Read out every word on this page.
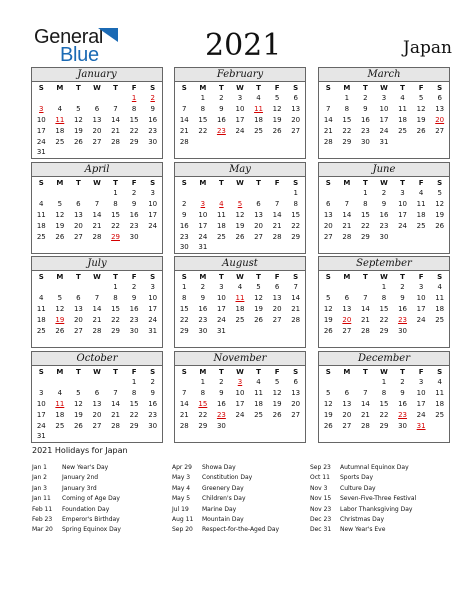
General
Blue	2021	Japan
January
S	M	T	W	T	F	S
					1	2
3	4	5	6	7	8	9
10	11	12	13	14	15	16
17	18	19	20	21	22	23
24	25	26	27	28	29	30
31						
February
S	M	T	W	T	F	S
	1	2	3	4	5	6
7	8	9	10	11	12	13
14	15	16	17	18	19	20
21	22	23	24	25	26	27
28						

March
S	M	T	W	T	F	S
	1	2	3	4	5	6
7	8	9	10	11	12	13
14	15	16	17	18	19	20
21	22	23	24	25	26	27
28	29	30	31			

April
S	M	T	W	T	F	S
				1	2	3
4	5	6	7	8	9	10
11	12	13	14	15	16	17
18	19	20	21	22	23	24
25	26	27	28	29	30	

May
S	M	T	W	T	F	S
						1
2	3	4	5	6	7	8
9	10	11	12	13	14	15
16	17	18	19	20	21	22
23	24	25	26	27	28	29
30	31					
June
S	M	T	W	T	F	S
		1	2	3	4	5
6	7	8	9	10	11	12
13	14	15	16	17	18	19
20	21	22	23	24	25	26
27	28	29	30			

July
S	M	T	W	T	F	S
				1	2	3
4	5	6	7	8	9	10
11	12	13	14	15	16	17
18	19	20	21	22	23	24
25	26	27	28	29	30	31

August
S	M	T	W	T	F	S
1	2	3	4	5	6	7
8	9	10	11	12	13	14
15	16	17	18	19	20	21
22	23	24	25	26	27	28
29	30	31				

September
S	M	T	W	T	F	S
			1	2	3	4
5	6	7	8	9	10	11
12	13	14	15	16	17	18
19	20	21	22	23	24	25
26	27	28	29	30		

October
S	M	T	W	T	F	S
					1	2
3	4	5	6	7	8	9
10	11	12	13	14	15	16
17	18	19	20	21	22	23
24	25	26	27	28	29	30
31						
November
S	M	T	W	T	F	S
	1	2	3	4	5	6
7	8	9	10	11	12	13
14	15	16	17	18	19	20
21	22	23	24	25	26	27
28	29	30				

December
S	M	T	W	T	F	S
			1	2	3	4
5	6	7	8	9	10	11
12	13	14	15	16	17	18
19	20	21	22	23	24	25
26	27	28	29	30	31	

2021 Holidays for Japan
Jan 1	New Year's Day
Jan 2	January 2nd
Jan 3	January 3rd
Jan 11 Coming of Age Day
Feb 11 Foundation Day
Feb 23 Emperor's Birthday
Mar 20 Spring Equinox Day
Apr 29 Showa Day
May 3 Constitution Day
May 4 Greenery Day
May 5 Children's Day
Jul 19 Marine Day
Aug 11 Mountain Day
Sep 20 Respect-for-the-Aged Day
Sep 23 Autumnal Equinox Day
Oct 11 Sports Day
Nov 3 Culture Day
Nov 15 Seven-Five-Three Festival
Nov 23 Labor Thanksgiving Day
Dec 23 Christmas Day
Dec 31 New Year's Eve
